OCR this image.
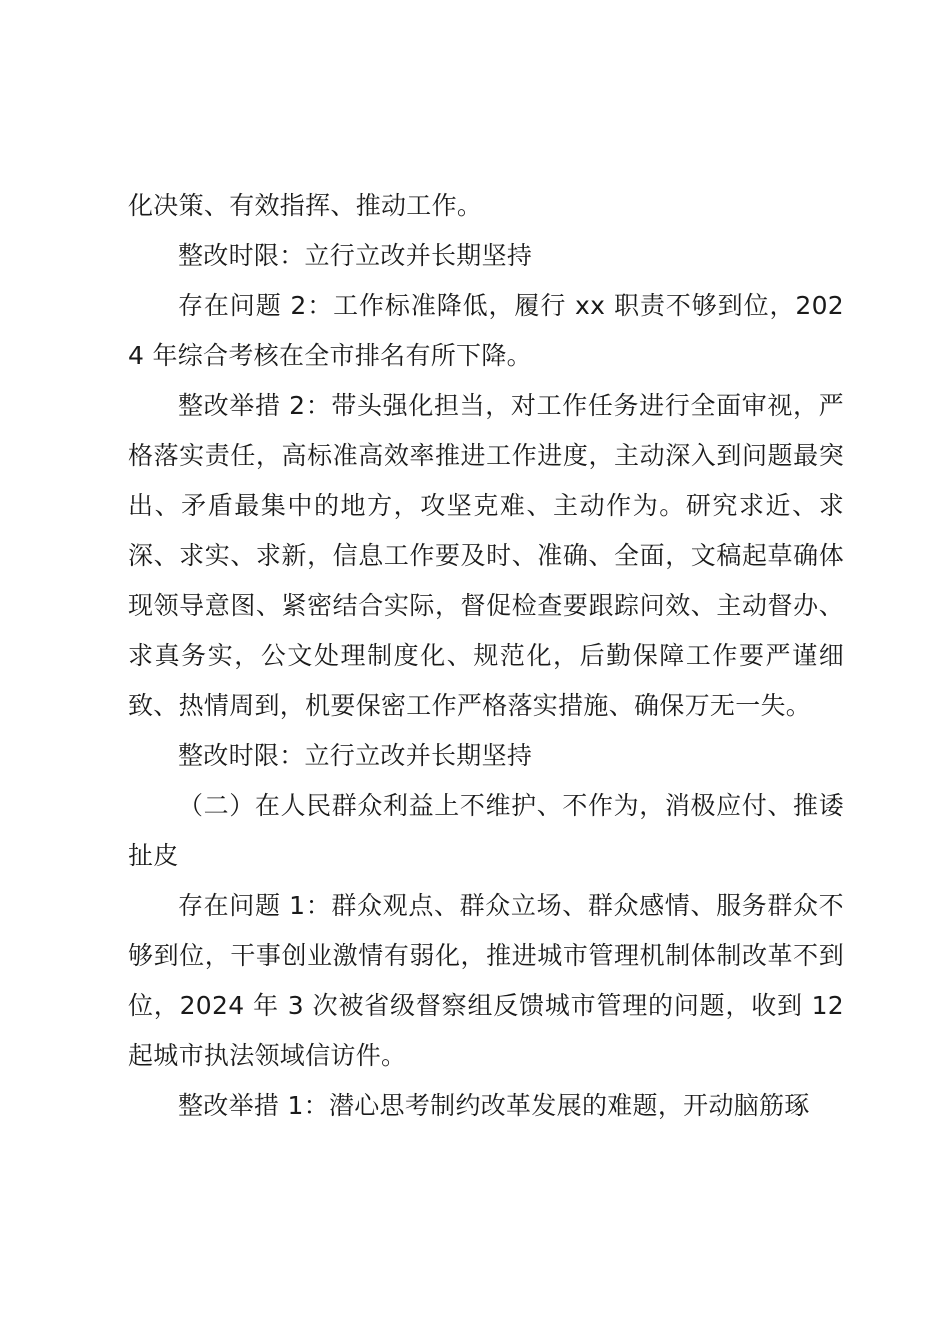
化决策、有效指挥、推动工作。

整改时限：立行立改并长期坚持

存在问题 2：工作标准降低，履行 xx 职责不够到位，2024 年综合考核在全市排名有所下降。

整改举措 2：带头强化担当，对工作任务进行全面审视，严格落实责任，高标准高效率推进工作进度，主动深入到问题最突出、矛盾最集中的地方，攻坚克难、主动作为。研究求近、求深、求实、求新，信息工作要及时、准确、全面，文稿起草确体现领导意图、紧密结合实际，督促检查要跟踪问效、主动督办、求真务实，公文处理制度化、规范化，后勤保障工作要严谨细致、热情周到，机要保密工作严格落实措施、确保万无一失。

整改时限：立行立改并长期坚持

（二）在人民群众利益上不维护、不作为，消极应付、推诿扯皮

存在问题 1：群众观点、群众立场、群众感情、服务群众不够到位，干事创业激情有弱化，推进城市管理机制体制改革不到位，2024 年 3 次被省级督察组反馈城市管理的问题，收到 12 起城市执法领域信访件。

整改举措 1：潜心思考制约改革发展的难题，开动脑筋琢
